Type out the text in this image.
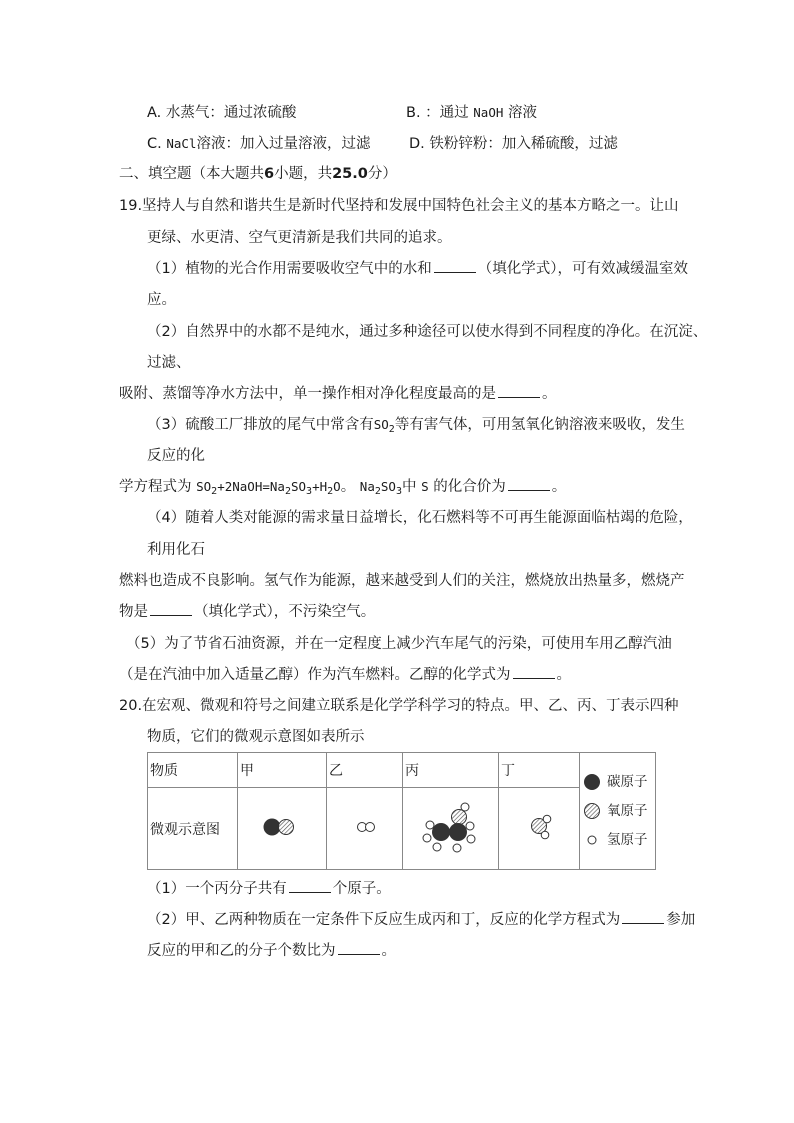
A. 水蒸气：通过浓硫酸	B. ：通过 NaOH 溶液
C. NaCl溶液：加入过量溶液，过滤	D. 铁粉锌粉：加入稀硫酸，过滤
二、填空题（本大题共6小题，共25.0分）
19.坚持人与自然和谐共生是新时代坚持和发展中国特色社会主义的基本方略之一。让山
更绿、水更清、空气更清新是我们共同的追求。
（1）植物的光合作用需要吸收空气中的水和	（填化学式），可有效减缓温室效
应。
（2）自然界中的水都不是纯水，通过多种途径可以使水得到不同程度的净化。在沉淀、
过滤、
吸附、蒸馏等净水方法中，单一操作相对净化程度最高的是	。
（3）硫酸工厂排放的尾气中常含有$SO_2$等有害气体，可用氢氧化钠溶液来吸收，发生
反应的化
学方程式为 $SO_2+2NaOH=Na_2SO_3+H_2O$。 $Na_2SO_3$中 S 的化合价为	。
（4）随着人类对能源的需求量日益增长，化石燃料等不可再生能源面临枯竭的危险，
利用化石
燃料也造成不良影响。氢气作为能源，越来越受到人们的关注，燃烧放出热量多，燃烧产
物是	（填化学式），不污染空气。
（5）为了节省石油资源，并在一定程度上减少汽车尾气的污染，可使用车用乙醇汽油
（是在汽油中加入适量乙醇）作为汽车燃料。乙醇的化学式为	。
20.在宏观、微观和符号之间建立联系是化学学科学习的特点。甲、乙、丙、丁表示四种
物质，它们的微观示意图如表所示
物质	甲	乙	丙	丁	碳原子
氧原子
氢原子

微观示意图				
（1）一个丙分子共有	个原子。
（2）甲、乙两种物质在一定条件下反应生成丙和丁，反应的化学方程式为	参加
反应的甲和乙的分子个数比为	。
